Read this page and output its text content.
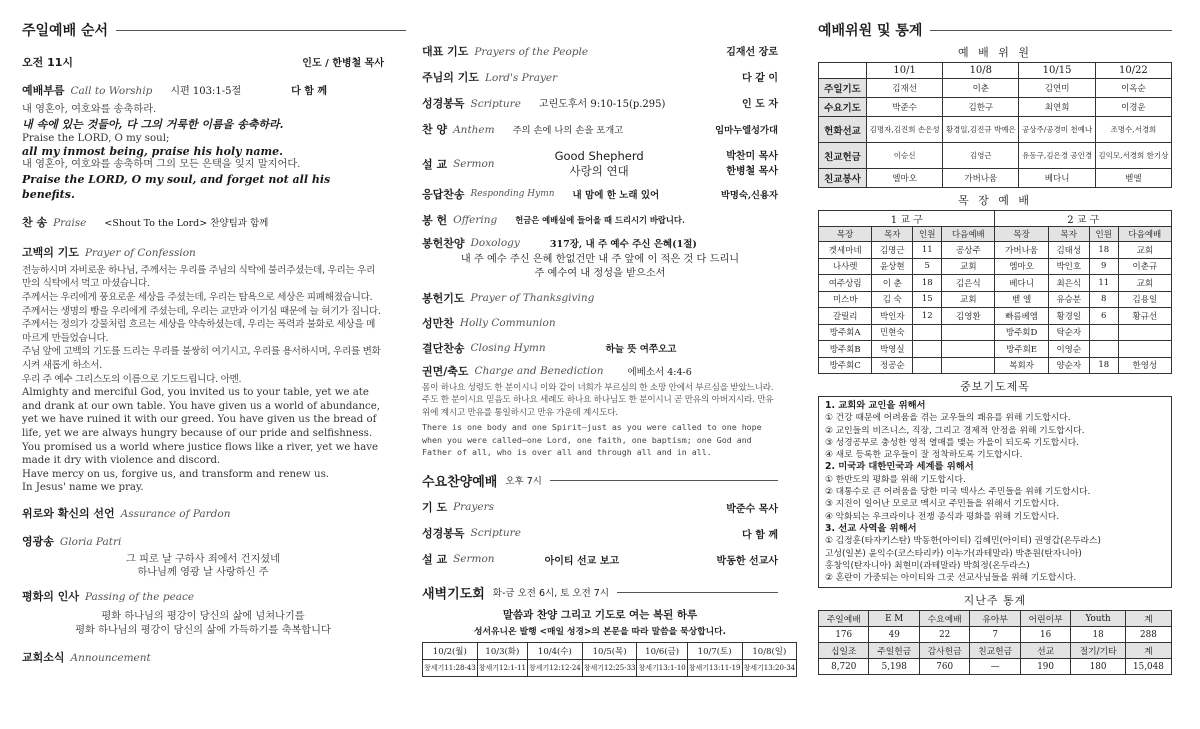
주일예배 순서
오전 11시	인도 / 한병철 목사
예배부름 Call to Worship 시편 103:1-5절	다 함 께
내 영혼아, 여호와를 송축하라.
내 속에 있는 것들아, 다 그의 거룩한 이름을 송축하라.
Praise the LORD, O my soul;
all my inmost being, praise his holy name.
내 영혼아, 여호와를 송축하며 그의 모든 은택을 잊지 말지어다.
Praise the LORD, O my soul, and forget not all his benefits.
찬 송 Praise <Shout To the Lord> 찬양팀과 함께
고백의 기도 Prayer of Confession
전능하시며 자비로운 하나님, 주께서는 우리를 주님의 식탁에 불러주셨는데, 우리는 우리만의 식탁에서 먹고 마셨습니다.
주께서는 우리에게 풍요로운 세상을 주셨는데, 우리는 탐욕으로 세상은 피폐해졌습니다.
주께서는 생명의 빵을 우리에게 주셨는데, 우리는 교만과 이기심 때문에 늘 허기가 집니다.
주께서는 정의가 강물처럼 흐르는 세상을 약속하셨는데, 우리는 폭력과 불화로 세상을 메마르게 만들었습니다.
주님 앞에 고백의 기도를 드리는 우리를 불쌍히 여기시고, 우리를 용서하시며, 우리를 변화시켜 새롭게 하소서.
우리 주 예수 그리스도의 이름으로 기도드립니다. 아멘.
Almighty and merciful God, you invited us to your table, yet we ate
and drank at our own table. You have given us a world of abundance,
yet we have ruined it with our greed. You have given us the bread of
life, yet we are always hungry because of our pride and selfishness.
You promised us a world where justice flows like a river, yet we have
made it dry with violence and discord.
Have mercy on us, forgive us, and transform and renew us.
In Jesus' name we pray.
위로와 확신의 선언 Assurance of Pardon
영광송 Gloria Patri
그 피로 날 구하사 죄에서 건지셨네
하나님께 영광 날 사랑하신 주
평화의 인사 Passing of the peace
평화 하나님의 평강이 당신의 삶에 넘쳐나기를
평화 하나님의 평강이 당신의 삶에 가득하기를 축복합니다
교회소식 Announcement
대표 기도 Prayers of the People	김재선 장로
주님의 기도 Lord's Prayer	다 같 이
성경봉독 Scripture 고린도후서 9:10-15(p.295)	인 도 자
찬 양 Anthem 주의 손에 나의 손을 포개고	임마누엘성가대
설 교 Sermon
Good Shepherd
사랑의 연대
박찬미 목사
한병철 목사
응답찬송 Responding Hymn 내 맘에 한 노래 있어	박명숙,신용자
봉 헌 Offering 헌금은 예배실에 들어올 때 드리시기 바랍니다.
봉헌찬양 Doxology	317장, 내 주 예수 주신 은혜(1절)
내 주 예수 주신 은혜 한없건만 내 주 앞에 이 적은 것 다 드리니
주 예수여 내 정성을 받으소서
봉헌기도 Prayer of Thanksgiving
성만찬 Holly Communion
결단찬송 Closing Hymn	하늘 뜻 여쭈오고
권면/축도 Charge and Benediction	에베소서 4:4-6
몸이 하나요 성령도 한 분이시니 이와 같이 너희가 부르심의 한 소망 안에서 부르심을 받았느니라. 주도 한 분이시요 믿음도 하나요 세례도 하나요 하나님도 한 분이시니 곧 만유의 아버지시라. 만유 위에 계시고 만유를 통일하시고 만유 가운데 계시도다.
There is one body and one Spirit—just as you were called to one hope when you were called—one Lord, one faith, one baptism; one God and Father of all, who is over all and through all and in all.
수요찬양예배 오후 7시
기 도 Prayers	박준수 목사
성경봉독 Scripture	다 함 께
설 교 Sermon	아이티 선교 보고	박동한 선교사
새벽기도회 화-금 오전 6시, 토 오전 7시
말씀과 찬양 그리고 기도로 여는 복된 하루
성서유니온 발행 <매일 성경>의 본문을 따라 말씀을 묵상합니다.
10/2(월)	10/3(화)	10/4(수)	10/5(목)	10/6(금)	10/7(토)	10/8(일)
창세기11:28-43	창세기12:1-11	창세기12:12-24	창세기12:25-33	창세기13:1-10	창세기13:11-19	창세기13:20-34
예배위원 및 통계
예 배 위 원
	10/1	10/8	10/15	10/22
주일기도	김재선	이춘	김연미	이옥순
수요기도	박준수	김한구	최연희	이경운
헌화선교	김명자,김진희 손은성	황경일,김진규 박예은	공상주/공경미 천예나	조명수,서경희
친교헌금	이승신	김영근	유동구,김은경 공인경	김익모,서경희 한기상
친교봉사	엘마오	가버나움	베다니	벧엘
목 장 예 배
1 교 구				2 교 구			
목장	목자	인원	다음예배	목장	목자	인원	다음예배
겟세마네	김명근	11	공상주	가버나움	김태성	18	교회
나사렛	윤상현	5	교회	엠마오	박인호	9	이춘규
여주상림	이 춘	18	김은식	베다니	최은식	11	교회
미스바	김 숙	15	교회	벧 엘	유승분	8	김용일
갈릴리	박인자	12	김영환	빠름베엠	황경일	6	황규선
방주회A	민현숙			방주회D	탁순자		
방주회B	박영실			방주회E	이영순		
방주회C	정공순			복회자	양순자	18	한영성
중보기도제목
1. 교회와 교인을 위해서
① 건강 때문에 어려움을 겪는 교우들의 쾌유를 위해 기도합시다.
② 교인들의 비즈니스, 직장, 그리고 경제적 안정을 위해 기도합시다.
③ 성경공부로 충성한 영적 열매를 맺는 가을이 되도록 기도합시다.
④ 새로 등록한 교우들이 잘 정착하도록 기도합시다.
2. 미국과 대한민국과 세계를 위해서
① 한반도의 평화를 위해 기도합시다.
② 대통수로 큰 어려움을 당한 미국 텍사스 주민들을 위해 기도합시다.
③ 지진이 일어난 모로코 멕시코 주민들을 위해서 기도합시다.
④ 악화되는 우크라이나 전쟁 종식과 평화를 위해 기도합시다.
3. 선교 사역을 위해서
① 김정훈(타자키스탄) 박동한(아이티) 김혜민(아이티) 권영갑(온두라스)
고성(일본) 윤익수(코스타리카) 이누가(과테말라) 박춘원(탄자니아)
홍창익(탄자니아) 최현미(과테말라) 박희정(온두라스)
② 혼란이 가중되는 아이티와 그곳 선교사님들을 위해 기도합시다.
지난주 통계
주일예배	E M	수요예배	유아부	어린이부	Youth	계
176	49	22	7	16	18	288
십일조	주일헌금	감사헌금	친교헌금	선교	절기/기타	계
8,720	5,198	760	—	190	180	15,048
